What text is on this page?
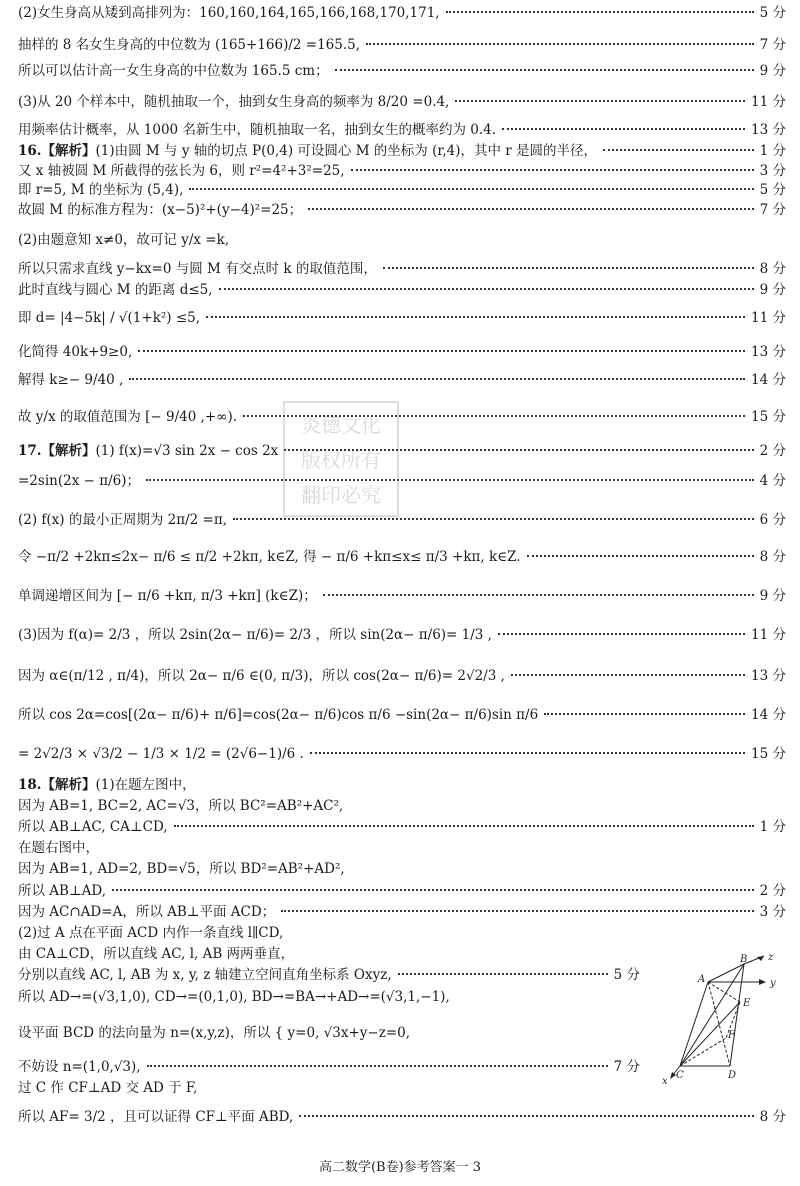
(2)女生身高从矮到高排列为：160,160,164,165,166,168,170,171,	5 分
抽样的 8 名女生身高的中位数为 (165+166)/2 =165.5,	7 分
所以可以估计高一女生身高的中位数为 165.5 cm；	9 分
(3)从 20 个样本中，随机抽取一个，抽到女生身高的频率为 8/20 =0.4,	11 分
用频率估计概率，从 1000 名新生中，随机抽取一名，抽到女生的概率约为 0.4.	13 分
16.【解析】 (1)由圆 M 与 y 轴的切点 P(0,4) 可设圆心 M 的坐标为 (r,4)，其中 r 是圆的半径，	1 分
又 x 轴被圆 M 所截得的弦长为 6，则 r²=4²+3²=25,	3 分
即 r=5, M 的坐标为 (5,4),	5 分
故圆 M 的标准方程为：(x−5)²+(y−4)²=25；	7 分
(2)由题意知 x≠0，故可记 y/x =k,
所以只需求直线 y−kx=0 与圆 M 有交点时 k 的取值范围，	8 分
此时直线与圆心 M 的距离 d≤5,	9 分
即 d= |4−5k| / √(1+k²) ≤5,	11 分
化简得 40k+9≥0,	13 分
解得 k≥− 9/40 ,	14 分
故 y/x 的取值范围为 [− 9/40 ,+∞).	15 分
17.【解析】 (1) f(x)=√3 sin 2x − cos 2x	2 分
=2sin(2x − π/6)；	4 分
(2) f(x) 的最小正周期为 2π/2 =π,	6 分
令 −π/2 +2kπ≤2x− π/6 ≤ π/2 +2kπ, k∈Z, 得 − π/6 +kπ≤x≤ π/3 +kπ, k∈Z.	8 分
单调递增区间为 [− π/6 +kπ, π/3 +kπ] (k∈Z)；	9 分
(3)因为 f(α)= 2/3 ，所以 2sin(2α− π/6)= 2/3 ，所以 sin(2α− π/6)= 1/3 ,	11 分
因为 α∈(π/12 , π/4)，所以 2α− π/6 ∈(0, π/3)，所以 cos(2α− π/6)= 2√2/3 ,	13 分
所以 cos 2α=cos[(2α− π/6)+ π/6]=cos(2α− π/6)cos π/6 −sin(2α− π/6)sin π/6	14 分
= 2√2/3 × √3/2 − 1/3 × 1/2 = (2√6−1)/6 .	15 分
18.【解析】 (1)在题左图中，
因为 AB=1, BC=2, AC=√3，所以 BC²=AB²+AC²,
所以 AB⊥AC, CA⊥CD,	1 分
在题右图中，
因为 AB=1, AD=2, BD=√5，所以 BD²=AB²+AD²,
所以 AB⊥AD,	2 分
因为 AC∩AD=A，所以 AB⊥平面 ACD；	3 分
(2)过 A 点在平面 ACD 内作一条直线 l∥CD,
由 CA⊥CD，所以直线 AC, l, AB 两两垂直，
分别以直线 AC, l, AB 为 x, y, z 轴建立空间直角坐标系 Oxyz,	5 分
所以 AD→=(√3,1,0), CD→=(0,1,0), BD→=BA→+AD→=(√3,1,−1),
设平面 BCD 的法向量为 n=(x,y,z)，所以 { y=0, √3x+y−z=0,
不妨设 n=(1,0,√3),	7 分
过 C 作 CF⊥AD 交 AD 于 F,
所以 AF= 3/2 ，且可以证得 CF⊥平面 ABD,	8 分
炎德文化
版权所有
翻印必究
A
B
C	D
E
F
x
y
z
高二数学(B卷)参考答案一 3
